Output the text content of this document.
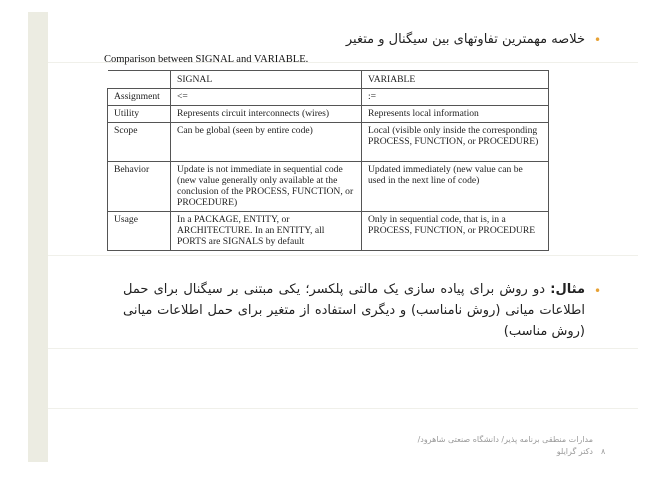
•
خلاصه مهمترین تفاوتهای بین سیگنال و متغیر
Comparison between SIGNAL and VARIABLE.
	SIGNAL	VARIABLE
Assignment	<=	:=
Utility	Represents circuit interconnects (wires)	Represents local information
Scope	Can be global (seen by entire code)	Local (visible only inside the corresponding PROCESS, FUNCTION, or PROCEDURE)
Behavior	Update is not immediate in sequential code (new value generally only available at the conclusion of the PROCESS, FUNCTION, or PROCEDURE)	Updated immediately (new value can be used in the next line of code)
Usage	In a PACKAGE, ENTITY, or ARCHITECTURE. In an ENTITY, all PORTS are SIGNALS by default	Only in sequential code, that is, in a PROCESS, FUNCTION, or PROCEDURE
•
مثال: دو روش برای پیاده سازی یک مالتی پلکسر؛ یکی مبتنی بر سیگنال برای حمل اطلاعات میانی (روش نامناسب) و دیگری استفاده از متغیر برای حمل اطلاعات میانی (روش مناسب)
مدارات منطقی برنامه پذیر/ دانشگاه صنعتی شاهرود/
دکتر گرایلو ۸
